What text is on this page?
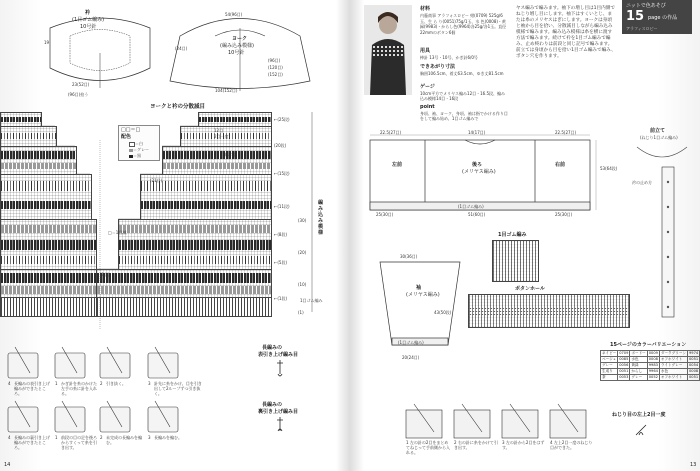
衿
(1目ゴム編み)
10号針
19
23(52目)
(96目)拾う
ヨーク
(編み込み模様)
10号針
54(96目)
(24目)
(96目)
(120目)
(152目)
104(152目)
ヨークと衿の分散減目
□□＝□
配色
＝白
＝グレー
＝黒
12目
2目一度
(12目)
(21目)
□＝1目減
(3目)
←(25段)
(20段)
←(15段)
←(11段)
←(8段)
←(5段)
←(1段)
(30)
(20)
(10)
(1)
編み込み模様
1目ゴム編み
4 長編みの表引き上げ編みができたところ。
1 かぎ針を糸のかけた左手の糸に針を入れる。
2 引き抜く。	3 針先に糸をかけ、目を引き出して2ループずつ引き抜く。
4 長編みの裏引き上げ編みができたところ。
1 前段の目の足を後ろからすくって糸を引き出す。
2 未完成の長編みを編む。
3 長編みを編む。
長編みの
表引き上げ編み目
長編みの
裏引き上げ編み目
14
材料
内藤商事 アラフォスロピー 紺(0709) 525g/6玉、生 ら り(0051)75g/1玉、水 色(0008)・黄緑(9983)・からし色(9964)各25g/各1玉。直径22mmのボタン6個
用具
棒針 13号・10号、かぎ針6/0号
できあがり寸法
胸囲106.5cm、着丈63.5cm、ゆき丈81.5cm
ゲージ
10cm平方でメリヤス編み12目・16.5段、編み込み模様14目・16段
point
身頃、袖、ヨーク、身頃、袖は指でかける作り目をして編み始め、1目ゴム編みで
ヤス編みで編みます。袖下の増し目は1目内側でねじり増し目にします。袖下はすくいとじ、または糸のメリヤスはぎにします。ヨークは身頃と袖から目を拾い、分散減目しながら編み込み模様で編みます。編み込み模様は糸を横に渡す方法で編みます。続けて衿を1目ゴム編みで編み、止め終わりは前段と同じ記号で編みます。前立ては身頃から目を拾い1目ゴム編みで編み、ボタン穴を作ります。
ニットで色あそび
15 page の作品
アラフィスロピー
後ろ
(メリヤス編み)
左前	右前
22.5(27目)	14(17目)	22.5(27目)
53(64段)
(1目ゴム編み)
25(30目)	51(60目)	25(30目)
袖
(メリヤス編み)
30(36目)
20(24目)
(1目ゴム編み)
43(50段)
1目ゴム編み
ボタンホール
前立て
(ねじり1目ゴム編み)
衿の止め方
15ページのカラーバリエーション
ネイビー	0709	ボードー	0009	ダークグリーン	9974
ベージュ	0085	水色	0008	オフホワイト	0051
グレー	0056	黄緑	9983	ライトグレー	0054
生成り	0051	からし	9964	水色	0008
茶	0053	グレー	0052	オフホワイト	0051
1 左の針の2目をまとめてねじって手前側から入れる。
2 右の針に糸をかけて引き出す。
3 左の針から2目をはずす。
4 左上2目一度のねじり目ができた。
ねじり目の左上2目一度
13
